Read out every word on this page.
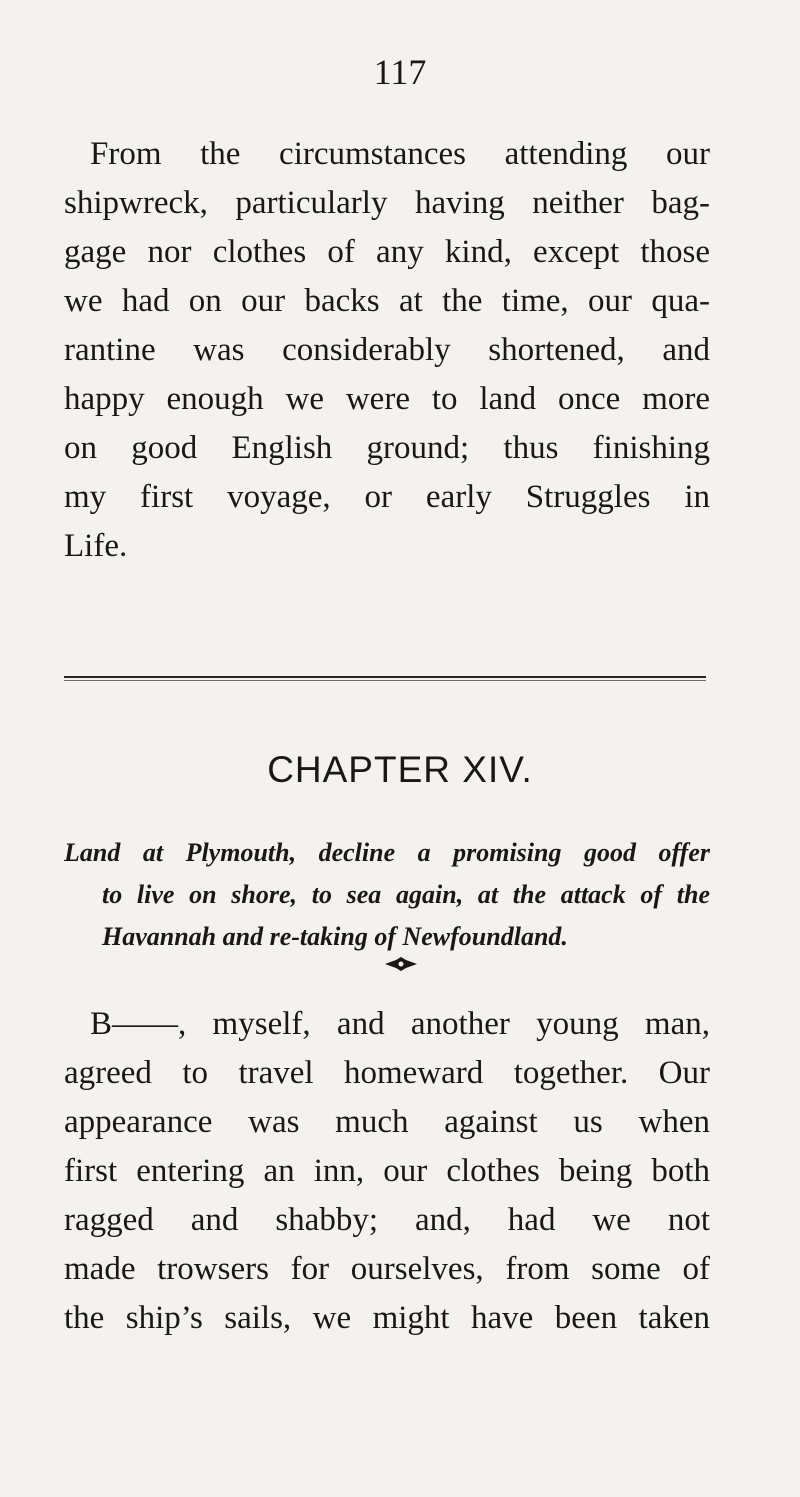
117
From the circumstances attending our
shipwreck, particularly having neither bag-
gage nor clothes of any kind, except those
we had on our backs at the time, our qua-
rantine was considerably shortened, and
happy enough we were to land once more
on good English ground; thus finishing
my first voyage, or early Struggles in
Life.
CHAPTER XIV.
Land at Plymouth, decline a promising good offer
to live on shore, to sea again, at the attack of the
Havannah and re-taking of Newfoundland.
B——, myself, and another young man,
agreed to travel homeward together. Our
appearance was much against us when
first entering an inn, our clothes being both
ragged and shabby; and, had we not
made trowsers for ourselves, from some of
the ship’s sails, we might have been taken
